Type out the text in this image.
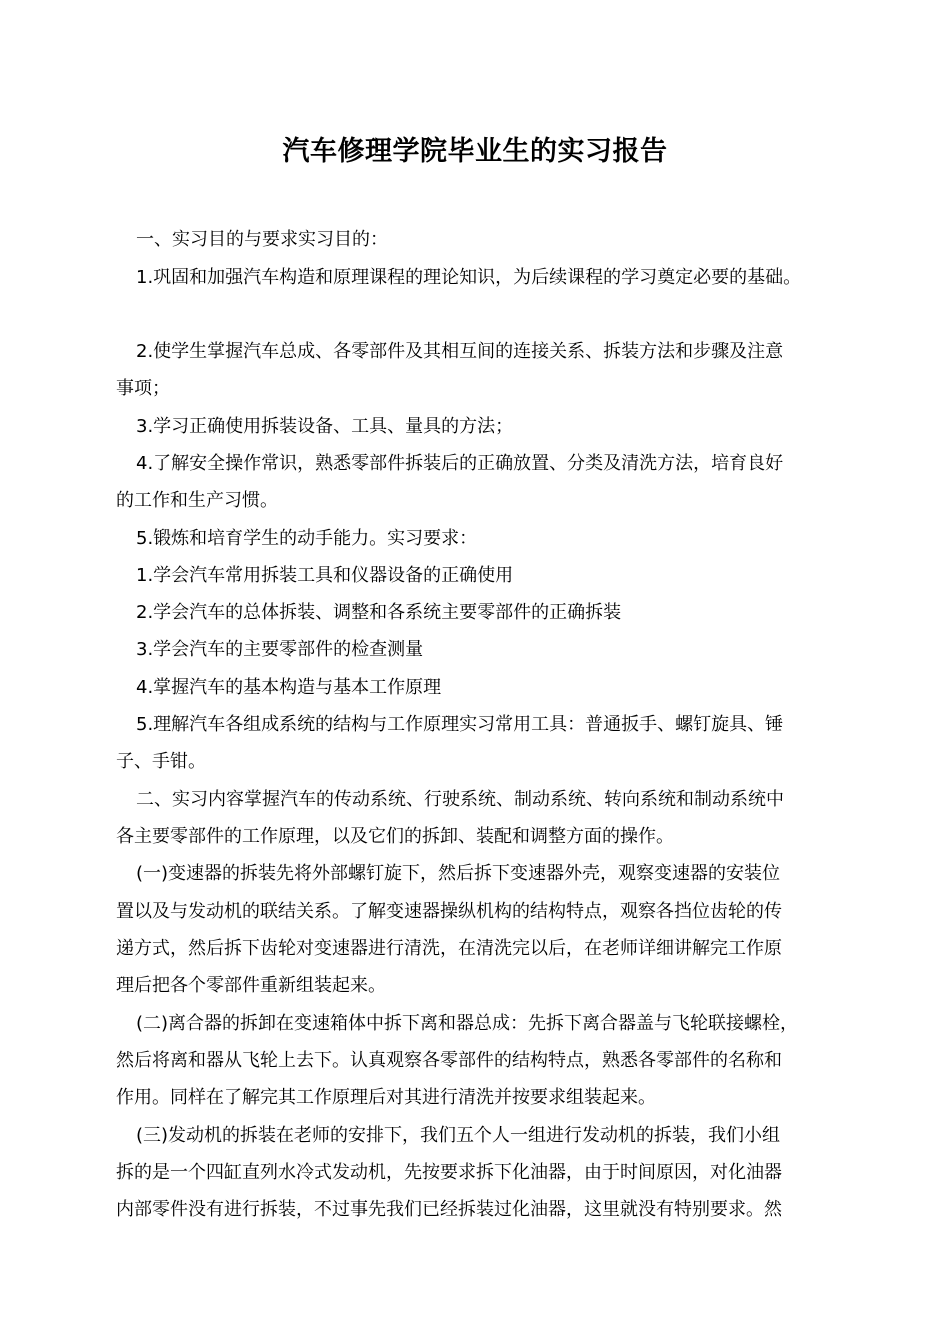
汽车修理学院毕业生的实习报告
一、实习目的与要求实习目的：
1.巩固和加强汽车构造和原理课程的理论知识，为后续课程的学习奠定必要的基础。
2.使学生掌握汽车总成、各零部件及其相互间的连接关系、拆装方法和步骤及注意
事项；
3.学习正确使用拆装设备、工具、量具的方法；
4.了解安全操作常识，熟悉零部件拆装后的正确放置、分类及清洗方法，培育良好
的工作和生产习惯。
5.锻炼和培育学生的动手能力。实习要求：
1.学会汽车常用拆装工具和仪器设备的正确使用
2.学会汽车的总体拆装、调整和各系统主要零部件的正确拆装
3.学会汽车的主要零部件的检查测量
4.掌握汽车的基本构造与基本工作原理
5.理解汽车各组成系统的结构与工作原理实习常用工具：普通扳手、螺钉旋具、锤
子、手钳。
二、实习内容掌握汽车的传动系统、行驶系统、制动系统、转向系统和制动系统中
各主要零部件的工作原理，以及它们的拆卸、装配和调整方面的操作。
(一)变速器的拆装先将外部螺钉旋下，然后拆下变速器外壳，观察变速器的安装位
置以及与发动机的联结关系。了解变速器操纵机构的结构特点，观察各挡位齿轮的传
递方式，然后拆下齿轮对变速器进行清洗，在清洗完以后，在老师详细讲解完工作原
理后把各个零部件重新组装起来。
(二)离合器的拆卸在变速箱体中拆下离和器总成：先拆下离合器盖与飞轮联接螺栓，
然后将离和器从飞轮上去下。认真观察各零部件的结构特点，熟悉各零部件的名称和
作用。同样在了解完其工作原理后对其进行清洗并按要求组装起来。
(三)发动机的拆装在老师的安排下，我们五个人一组进行发动机的拆装，我们小组
拆的是一个四缸直列水冷式发动机，先按要求拆下化油器，由于时间原因，对化油器
内部零件没有进行拆装，不过事先我们已经拆装过化油器，这里就没有特别要求。然
